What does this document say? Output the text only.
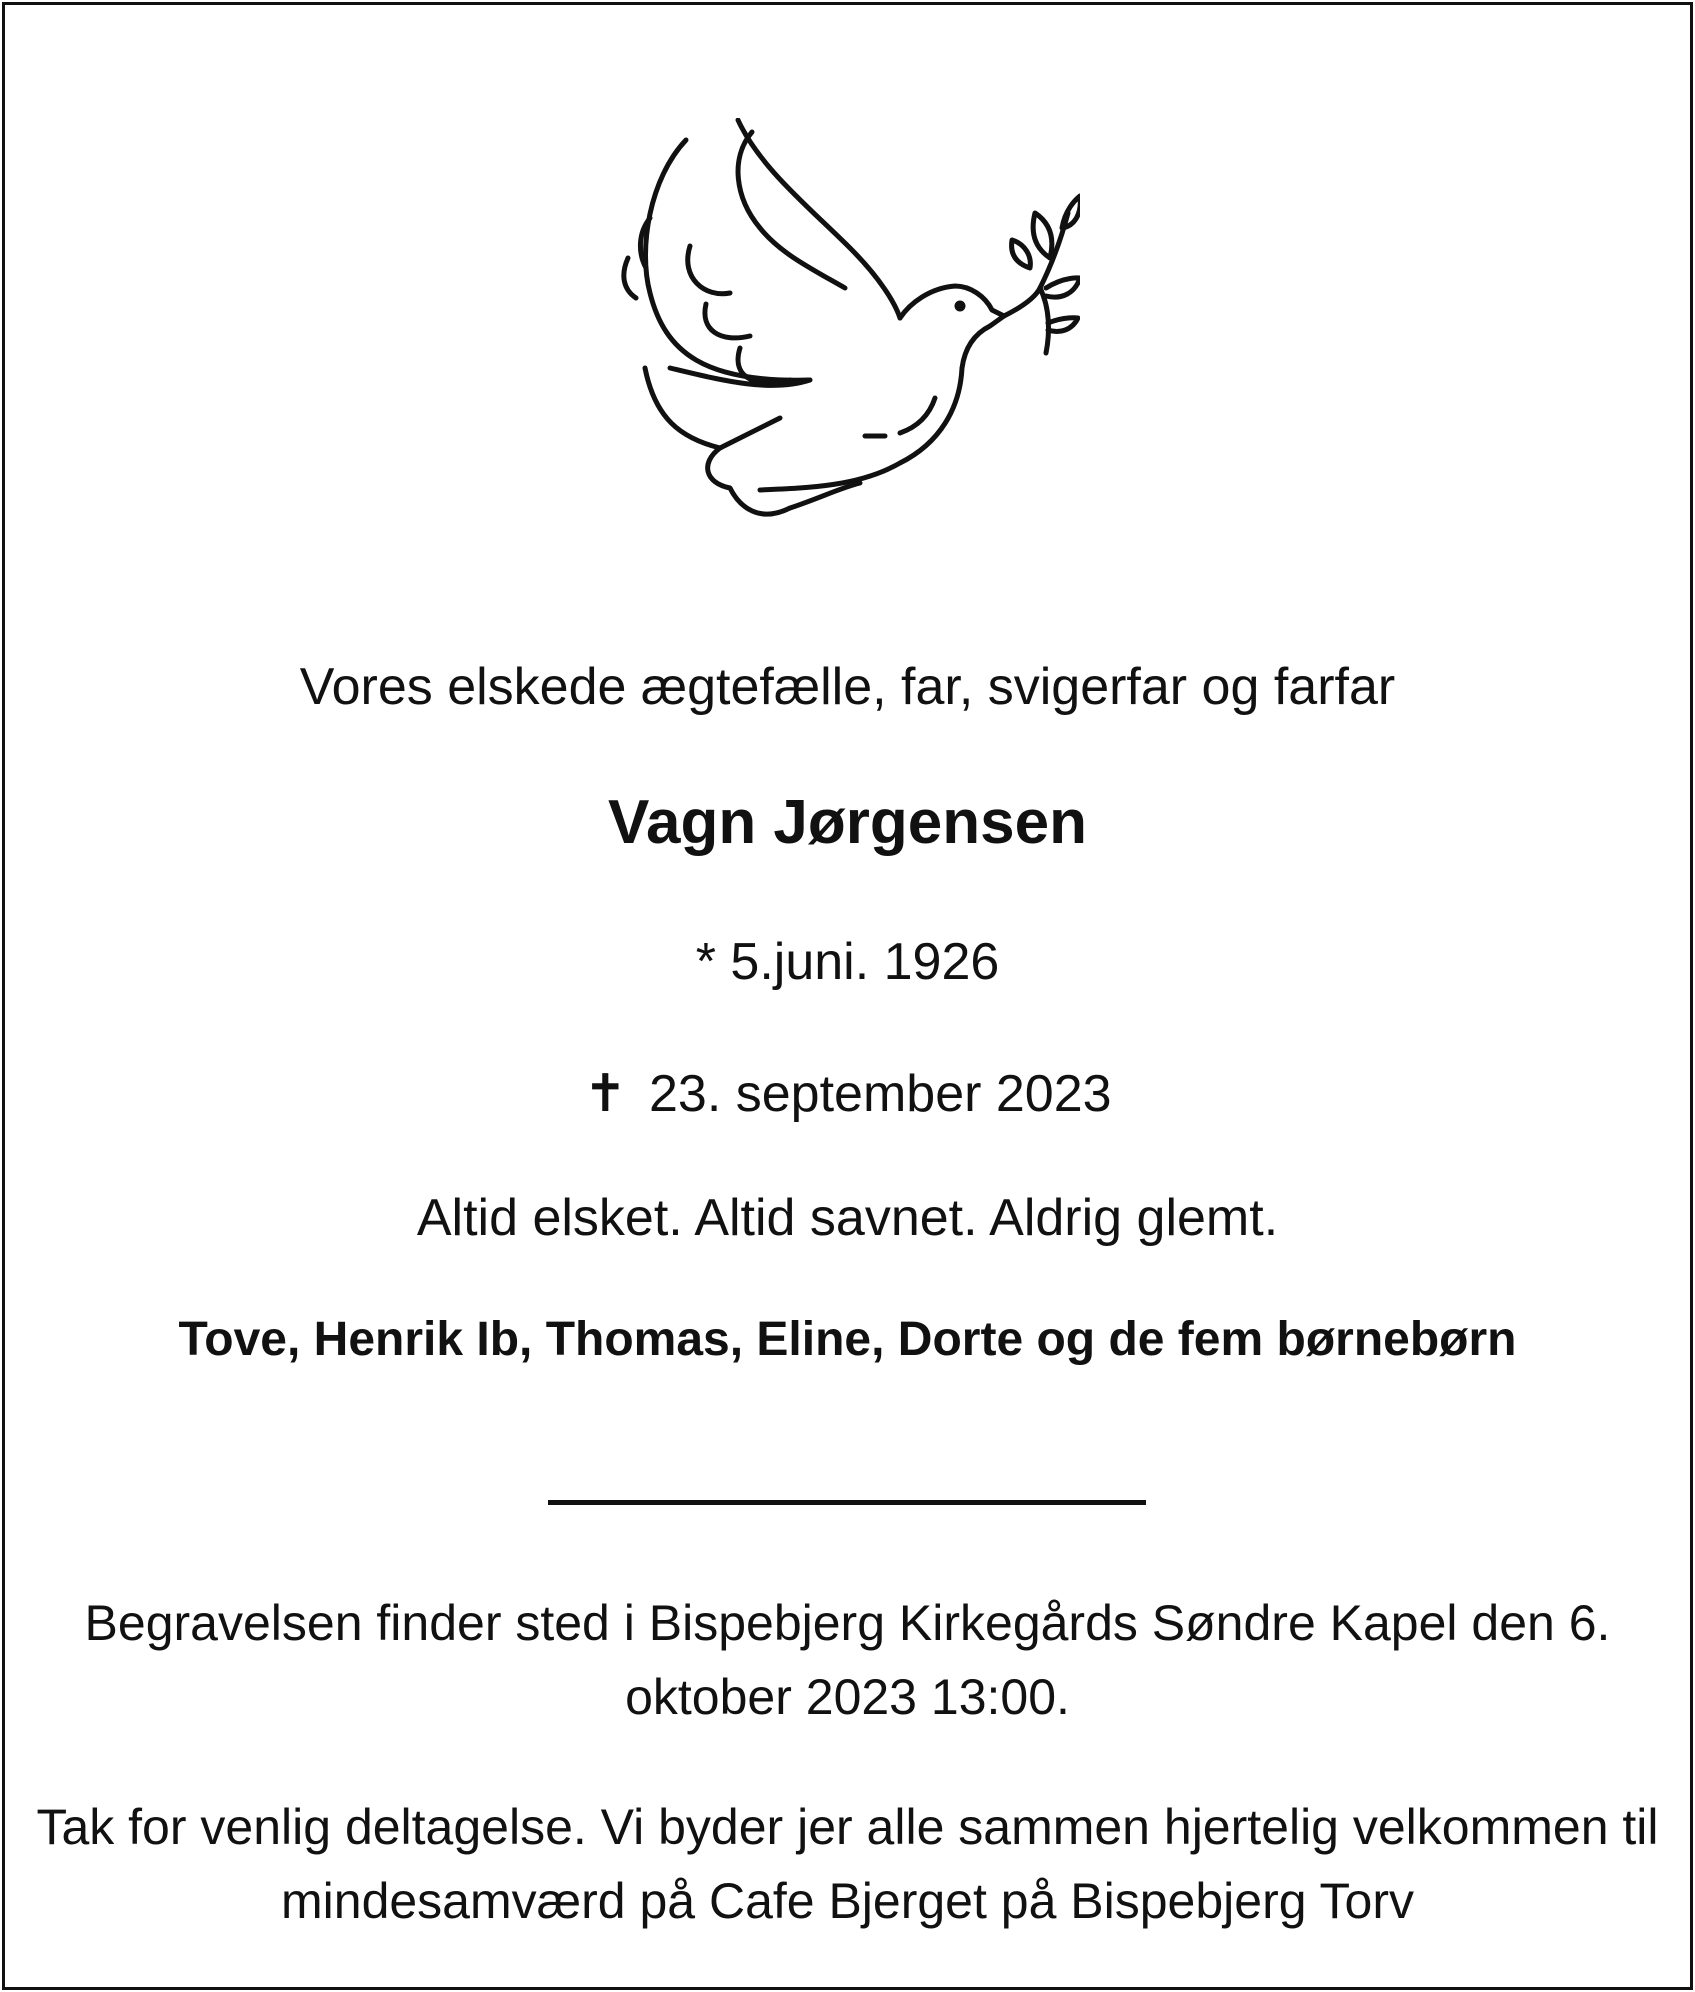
Vores elskede ægtefælle, far, svigerfar og farfar
Vagn Jørgensen
* 5.juni. 1926
✝ 23. september 2023
Altid elsket. Altid savnet. Aldrig glemt.
Tove, Henrik Ib, Thomas, Eline, Dorte og de fem børnebørn
Begravelsen finder sted i Bispebjerg Kirkegårds Søndre Kapel den 6. oktober 2023 13:00.
Tak for venlig deltagelse. Vi byder jer alle sammen hjertelig velkommen til mindesamværd på Cafe Bjerget på Bispebjerg Torv
